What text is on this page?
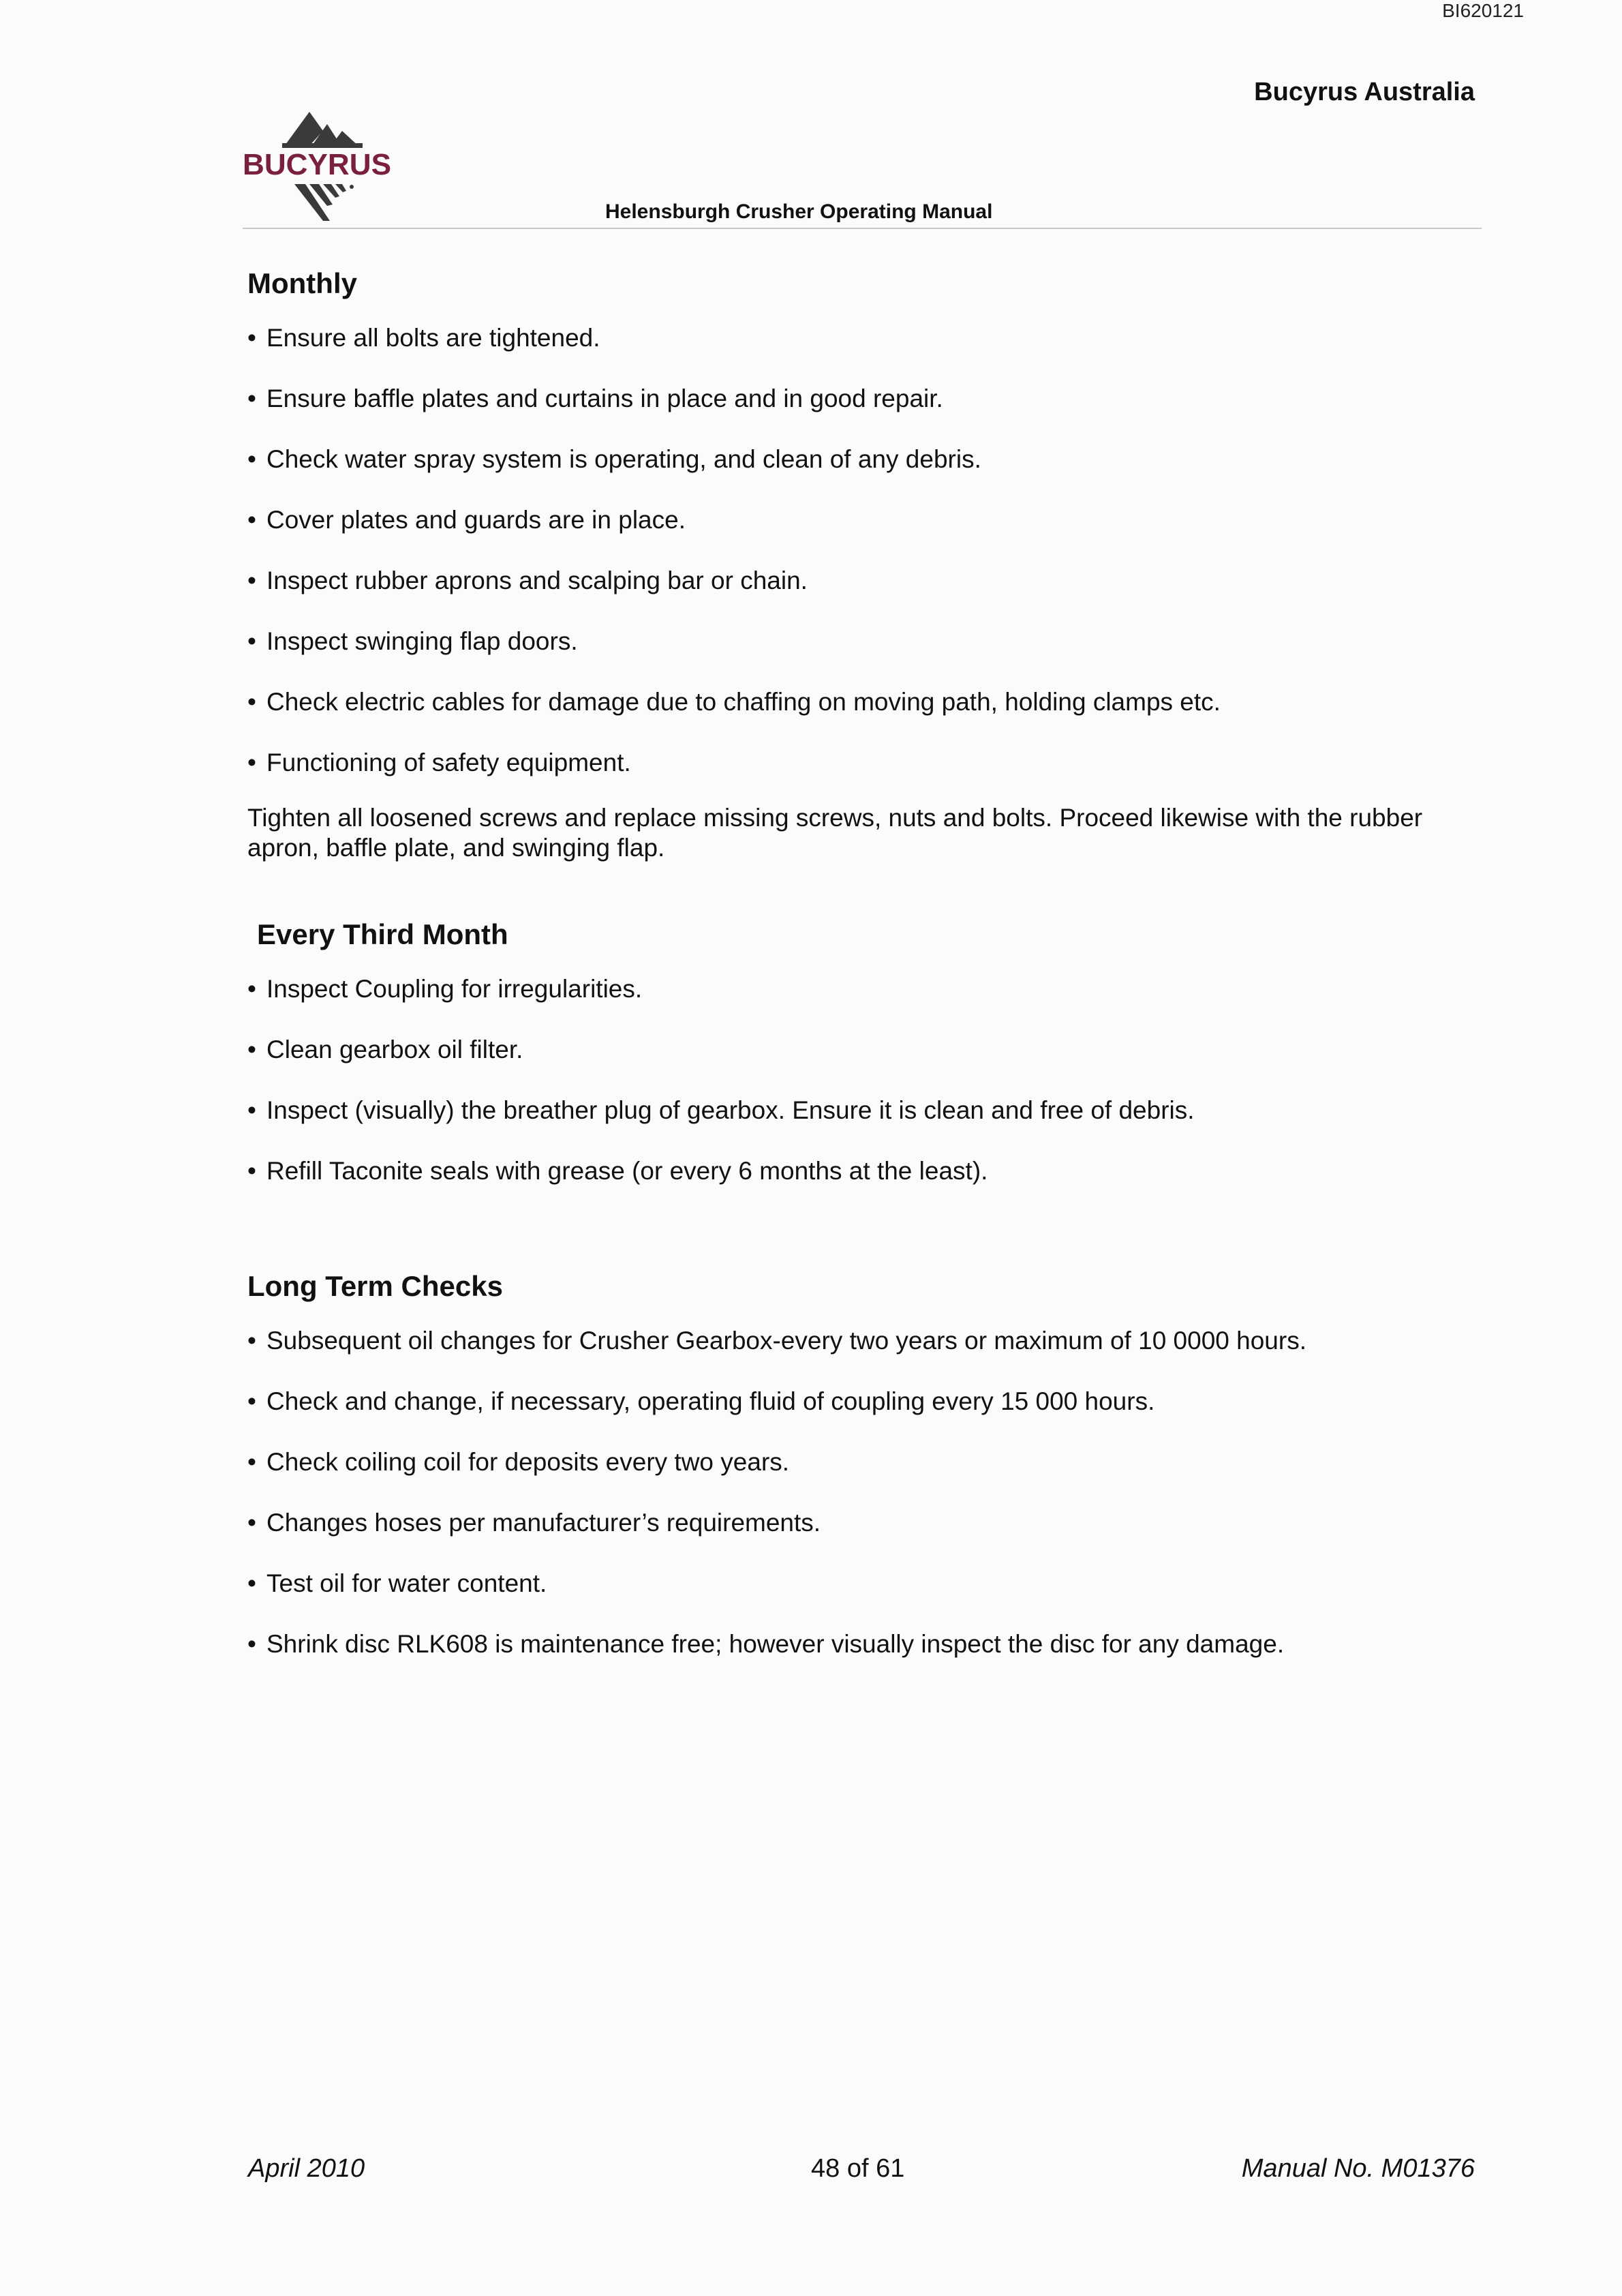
BI620121
Bucyrus Australia
BUCYRUS
Helensburgh Crusher Operating Manual
Monthly
• Ensure all bolts are tightened.
• Ensure baffle plates and curtains in place and in good repair.
• Check water spray system is operating, and clean of any debris.
• Cover plates and guards are in place.
• Inspect rubber aprons and scalping bar or chain.
• Inspect swinging flap doors.
• Check electric cables for damage due to chaffing on moving path, holding clamps etc.
• Functioning of safety equipment.

Tighten all loosened screws and replace missing screws, nuts and bolts. Proceed likewise with the rubber apron, baffle plate, and swinging flap.

Every Third Month
• Inspect Coupling for irregularities.
• Clean gearbox oil filter.
• Inspect (visually) the breather plug of gearbox. Ensure it is clean and free of debris.
• Refill Taconite seals with grease (or every 6 months at the least).
Long Term Checks
• Subsequent oil changes for Crusher Gearbox-every two years or maximum of 10 0000 hours.
• Check and change, if necessary, operating fluid of coupling every 15 000 hours.
• Check coiling coil for deposits every two years.
• Changes hoses per manufacturer’s requirements.
• Test oil for water content.
• Shrink disc RLK608 is maintenance free; however visually inspect the disc for any damage.
April 2010	48 of 61	Manual No. M01376
